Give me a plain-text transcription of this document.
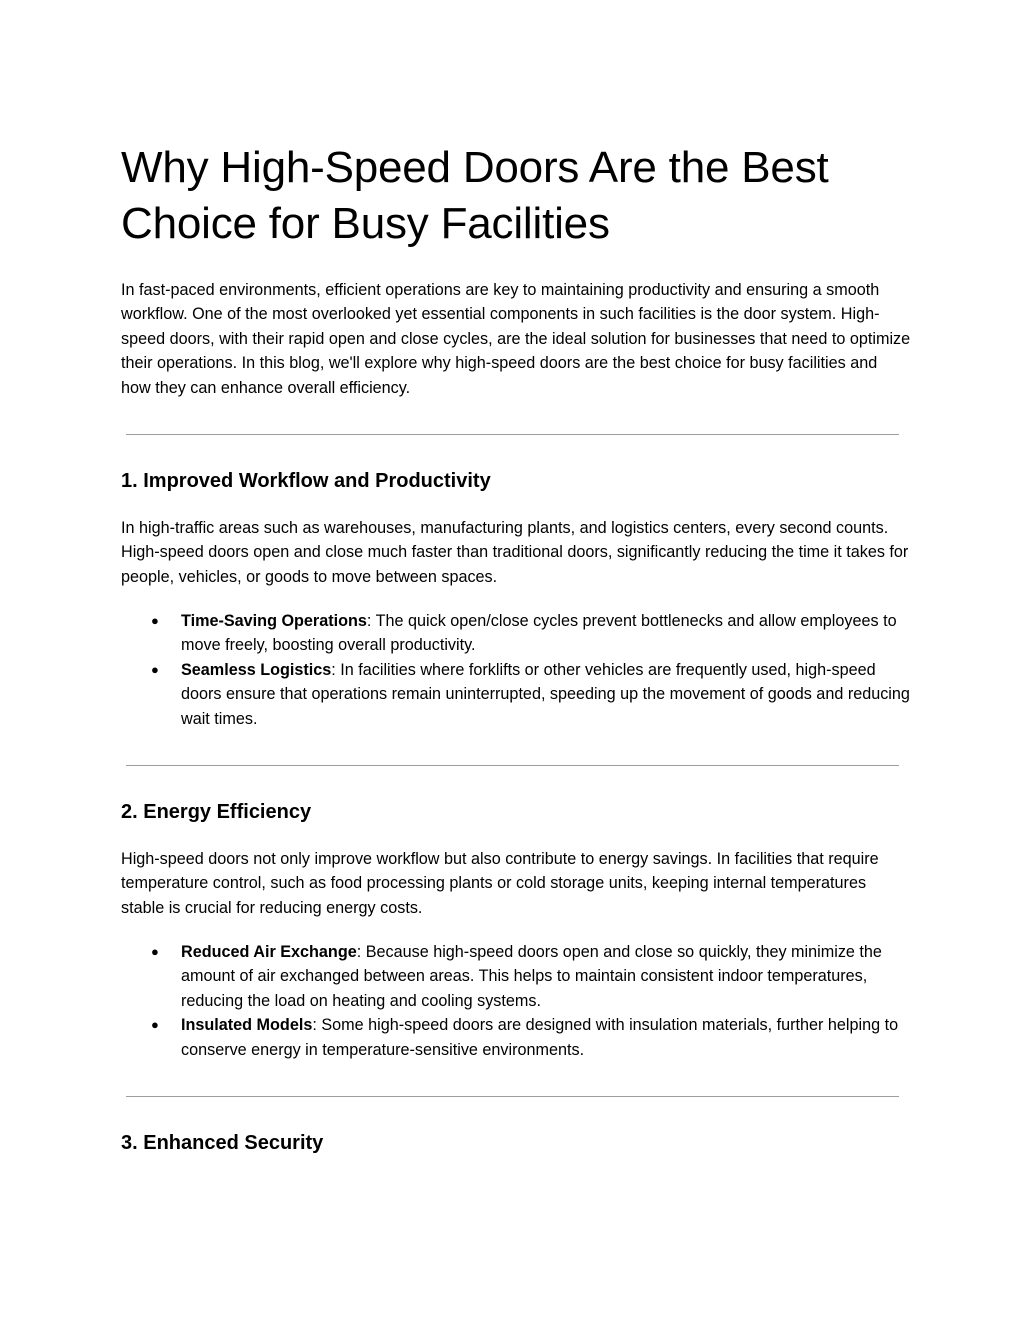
Why High-Speed Doors Are the Best Choice for Busy Facilities

In fast-paced environments, efficient operations are key to maintaining productivity and ensuring a smooth workflow. One of the most overlooked yet essential components in such facilities is the door system. High-speed doors, with their rapid open and close cycles, are the ideal solution for businesses that need to optimize their operations. In this blog, we'll explore why high-speed doors are the best choice for busy facilities and how they can enhance overall efficiency.

1. Improved Workflow and Productivity

In high-traffic areas such as warehouses, manufacturing plants, and logistics centers, every second counts. High-speed doors open and close much faster than traditional doors, significantly reducing the time it takes for people, vehicles, or goods to move between spaces.

● Time-Saving Operations: The quick open/close cycles prevent bottlenecks and allow employees to move freely, boosting overall productivity.
● Seamless Logistics: In facilities where forklifts or other vehicles are frequently used, high-speed doors ensure that operations remain uninterrupted, speeding up the movement of goods and reducing wait times.
2. Energy Efficiency

High-speed doors not only improve workflow but also contribute to energy savings. In facilities that require temperature control, such as food processing plants or cold storage units, keeping internal temperatures stable is crucial for reducing energy costs.

● Reduced Air Exchange: Because high-speed doors open and close so quickly, they minimize the amount of air exchanged between areas. This helps to maintain consistent indoor temperatures, reducing the load on heating and cooling systems.
● Insulated Models: Some high-speed doors are designed with insulation materials, further helping to conserve energy in temperature-sensitive environments.
3. Enhanced Security
